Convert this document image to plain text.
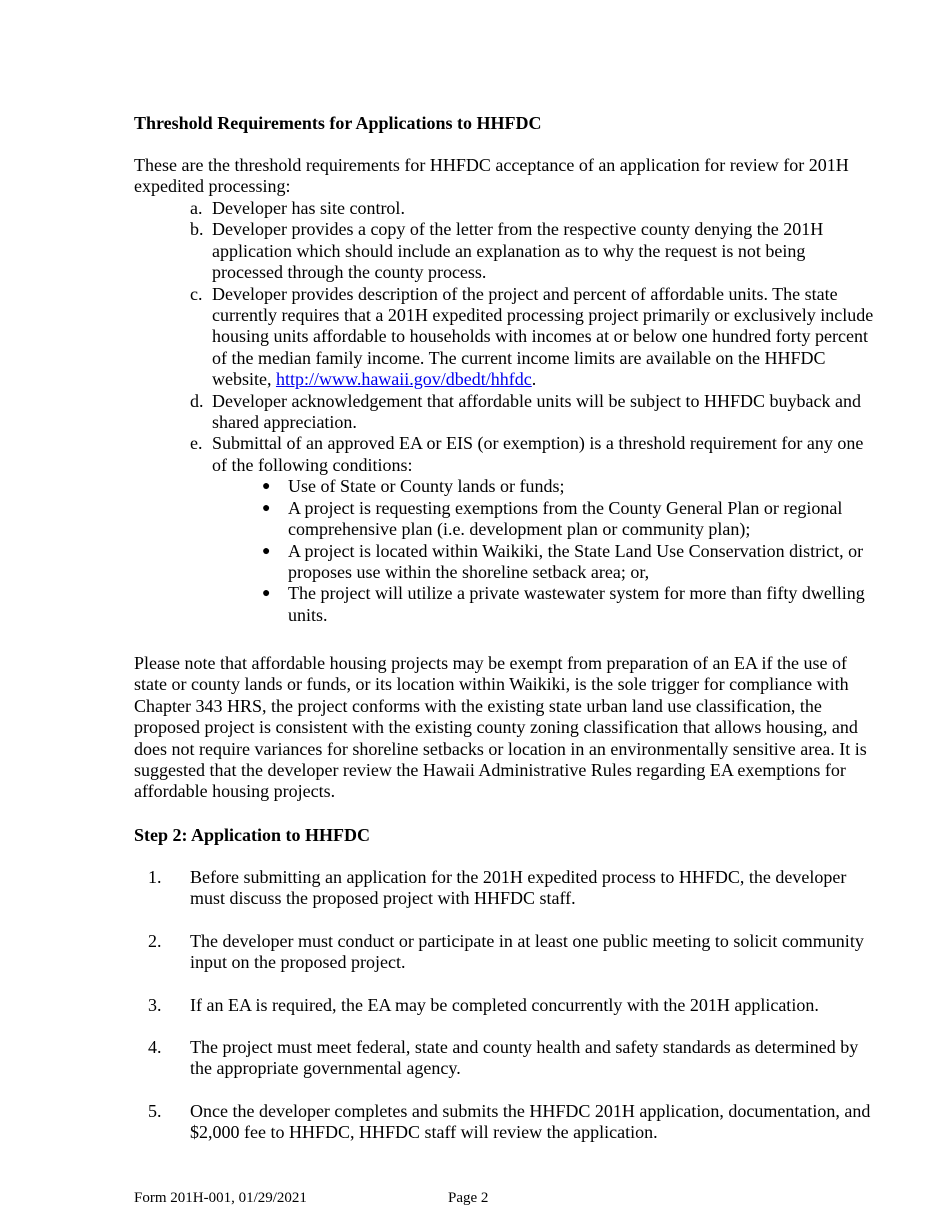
Threshold Requirements for Applications to HHFDC

These are the threshold requirements for HHFDC acceptance of an application for review for 201H expedited processing:

a. Developer has site control.
b. Developer provides a copy of the letter from the respective county denying the 201H application which should include an explanation as to why the request is not being processed through the county process.
c. Developer provides description of the project and percent of affordable units. The state currently requires that a 201H expedited processing project primarily or exclusively include housing units affordable to households with incomes at or below one hundred forty percent of the median family income. The current income limits are available on the HHFDC website, http://www.hawaii.gov/dbedt/hhfdc.
d. Developer acknowledgement that affordable units will be subject to HHFDC buyback and shared appreciation.
e. Submittal of an approved EA or EIS (or exemption) is a threshold requirement for any one of the following conditions:
● Use of State or County lands or funds;
● A project is requesting exemptions from the County General Plan or regional comprehensive plan (i.e. development plan or community plan);
● A project is located within Waikiki, the State Land Use Conservation district, or proposes use within the shoreline setback area; or,
● The project will utilize a private wastewater system for more than fifty dwelling units.

Please note that affordable housing projects may be exempt from preparation of an EA if the use of state or county lands or funds, or its location within Waikiki, is the sole trigger for compliance with Chapter 343 HRS, the project conforms with the existing state urban land use classification, the proposed project is consistent with the existing county zoning classification that allows housing, and does not require variances for shoreline setbacks or location in an environmentally sensitive area. It is suggested that the developer review the Hawaii Administrative Rules regarding EA exemptions for affordable housing projects.

Step 2: Application to HHFDC
1. Before submitting an application for the 201H expedited process to HHFDC, the developer must discuss the proposed project with HHFDC staff.
2. The developer must conduct or participate in at least one public meeting to solicit community input on the proposed project.
3. If an EA is required, the EA may be completed concurrently with the 201H application.
4. The project must meet federal, state and county health and safety standards as determined by the appropriate governmental agency.
5. Once the developer completes and submits the HHFDC 201H application, documentation, and $2,000 fee to HHFDC, HHFDC staff will review the application.
Form 201H-001, 01/29/2021	Page 2
